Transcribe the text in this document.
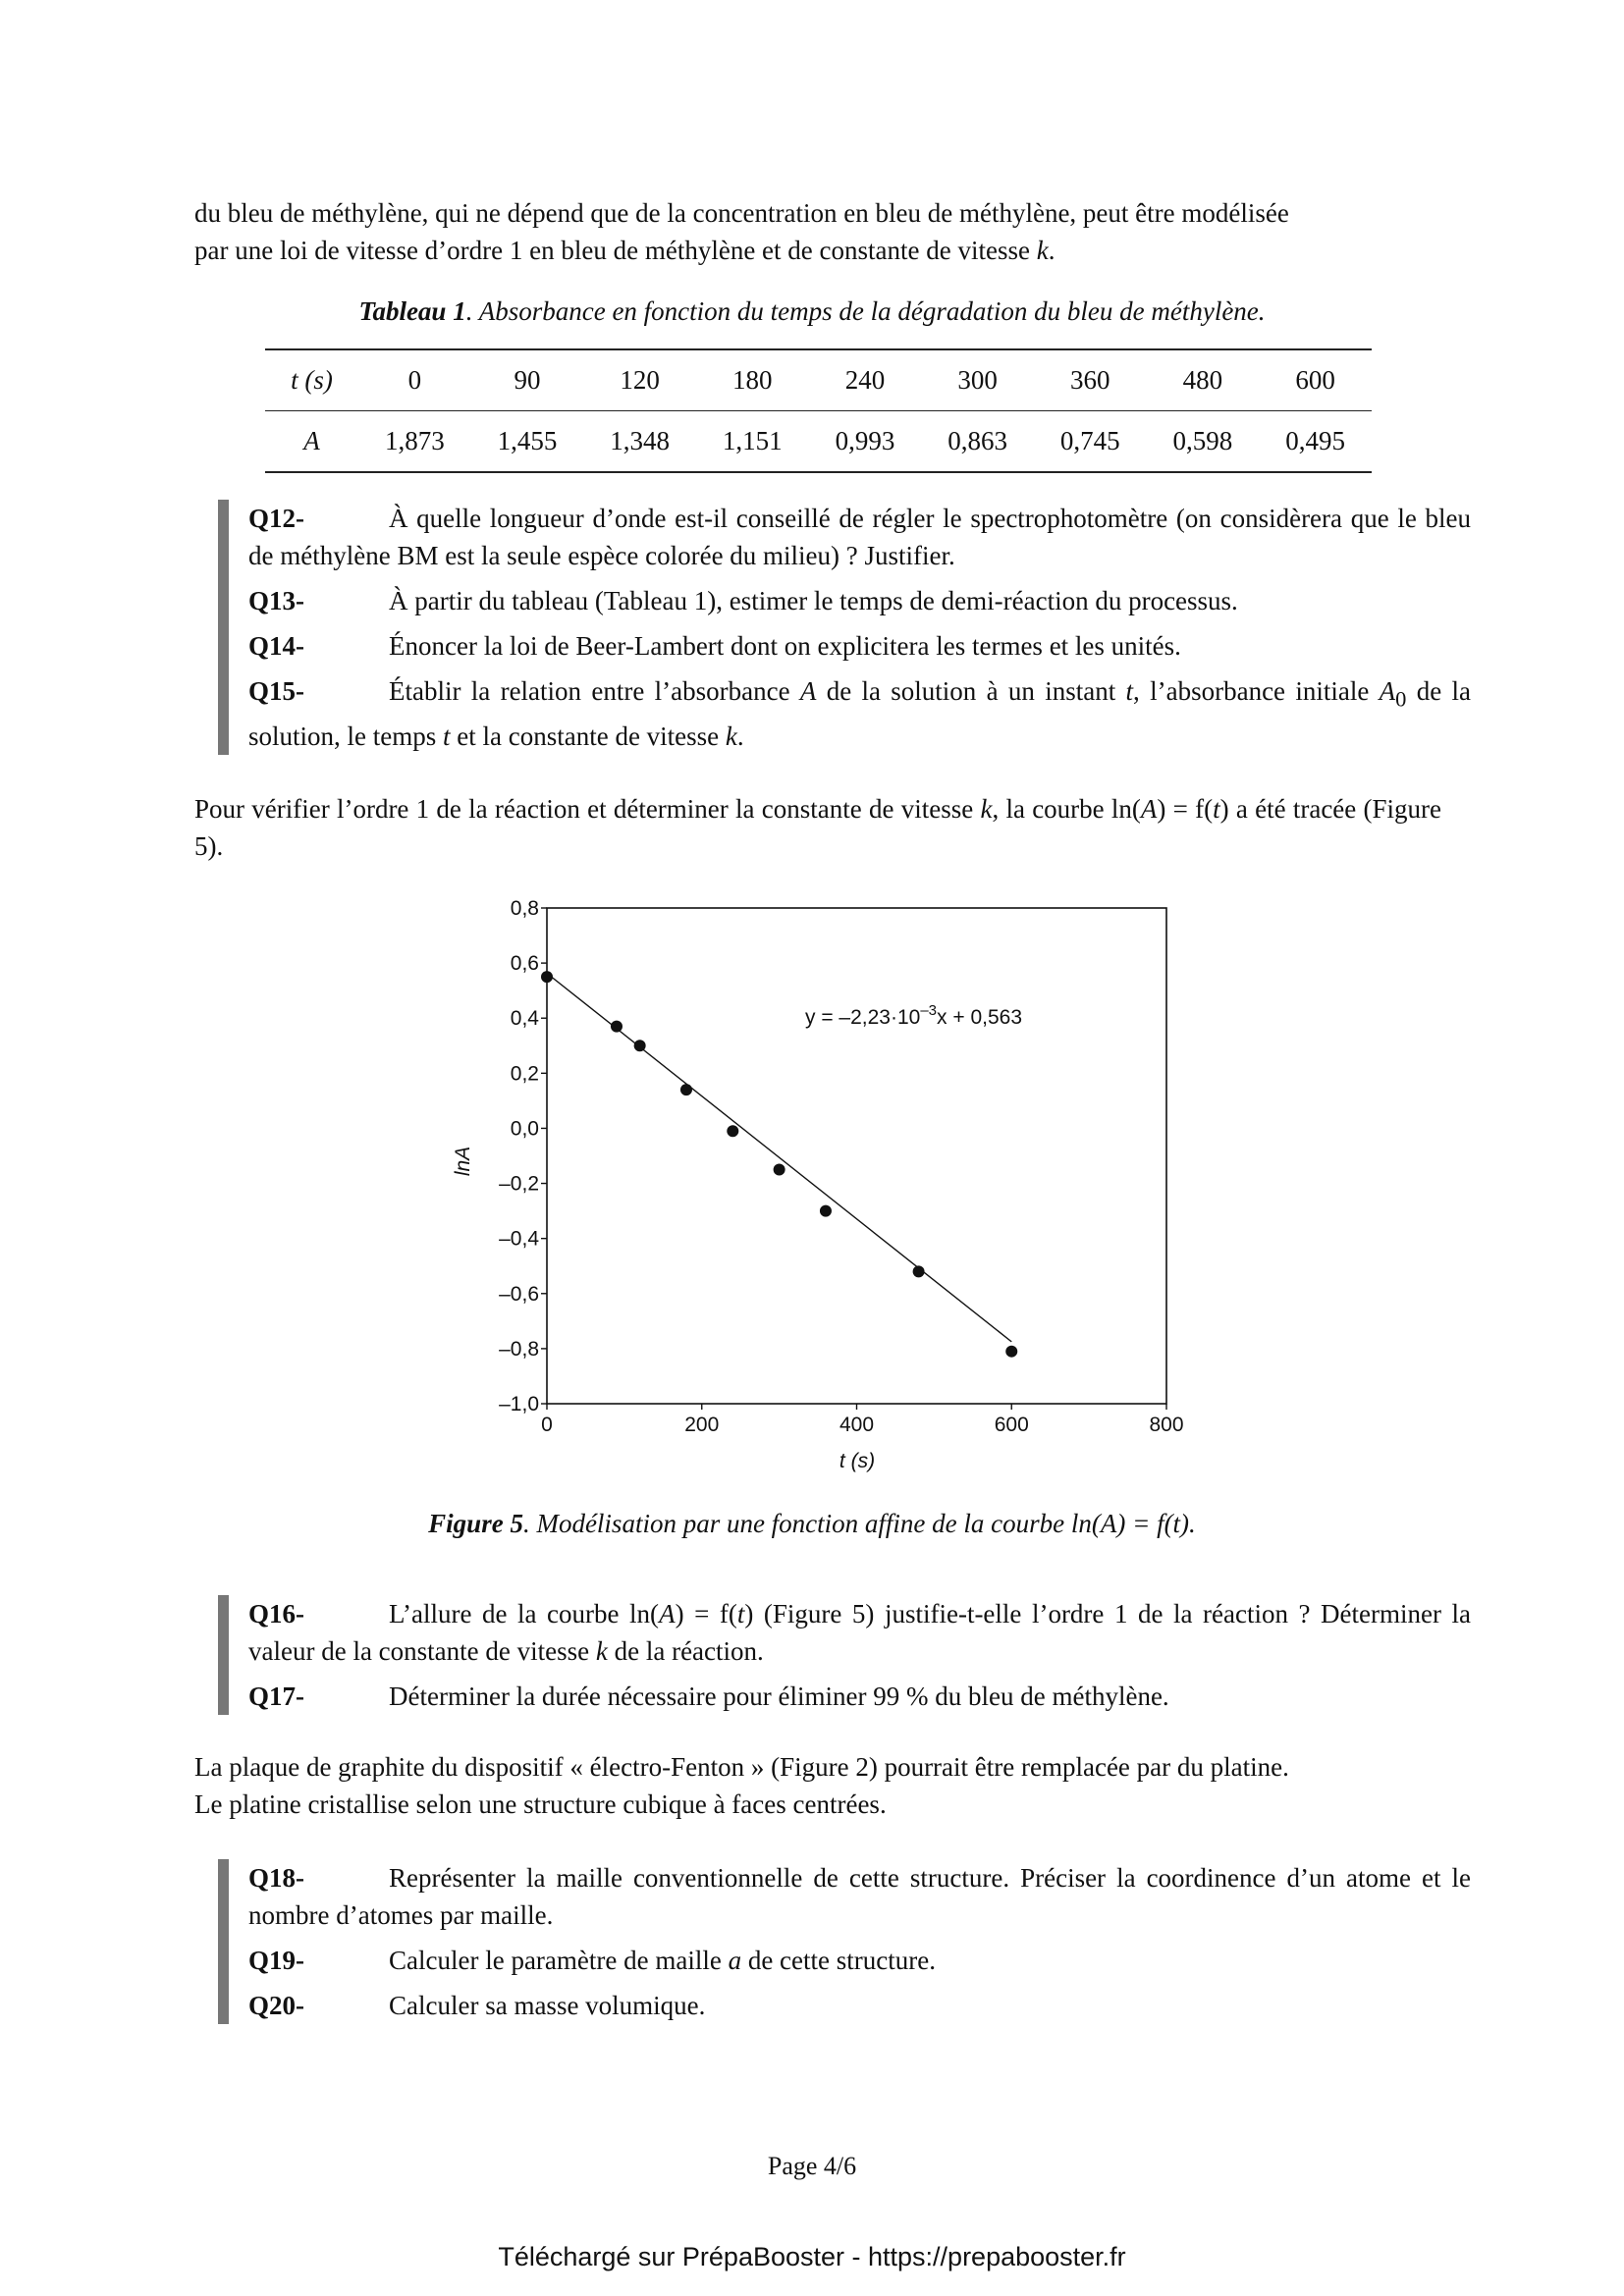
du bleu de méthylène, qui ne dépend que de la concentration en bleu de méthylène, peut être modélisée
par une loi de vitesse d’ordre 1 en bleu de méthylène et de constante de vitesse k.
Tableau 1. Absorbance en fonction du temps de la dégradation du bleu de méthylène.
t (s)	0	90	120	180	240	300	360	480	600
A	1,873	1,455	1,348	1,151	0,993	0,863	0,745	0,598	0,495
Q12-	À quelle longueur d’onde est-il conseillé de régler le spectrophotomètre (on considèrera que le bleu de méthylène BM est la seule espèce colorée du milieu) ? Justifier.
Q13-	À partir du tableau (Tableau 1), estimer le temps de demi-réaction du processus.
Q14-	Énoncer la loi de Beer-Lambert dont on explicitera les termes et les unités.
Q15-	Établir la relation entre l’absorbance A de la solution à un instant t, l’absorbance initiale $A_0$ de la solution, le temps t et la constante de vitesse k.
Pour vérifier l’ordre 1 de la réaction et déterminer la constante de vitesse k, la courbe ln(A) = f(t) a été tracée (Figure 5).
0,8
0,6
0,4
0,2
0,0
–0,2
–0,4
–0,6
–0,8
–1,0
0	200	400	600	800
$y = -2,23\cdot 10^{-3}x + 0,563$
t (s)
lnA
Figure 5. Modélisation par une fonction affine de la courbe ln(A) = f(t).
Q16-	L’allure de la courbe ln(A) = f(t) (Figure 5) justifie-t-elle l’ordre 1 de la réaction ? Déterminer la valeur de la constante de vitesse k de la réaction.
Q17-	Déterminer la durée nécessaire pour éliminer 99 % du bleu de méthylène.
La plaque de graphite du dispositif « électro-Fenton » (Figure 2) pourrait être remplacée par du platine.
Le platine cristallise selon une structure cubique à faces centrées.
Q18-	Représenter la maille conventionnelle de cette structure. Préciser la coordinence d’un atome et le nombre d’atomes par maille.
Q19-	Calculer le paramètre de maille a de cette structure.
Q20-	Calculer sa masse volumique.
Page 4/6
Téléchargé sur PrépaBooster - https://prepabooster.fr
